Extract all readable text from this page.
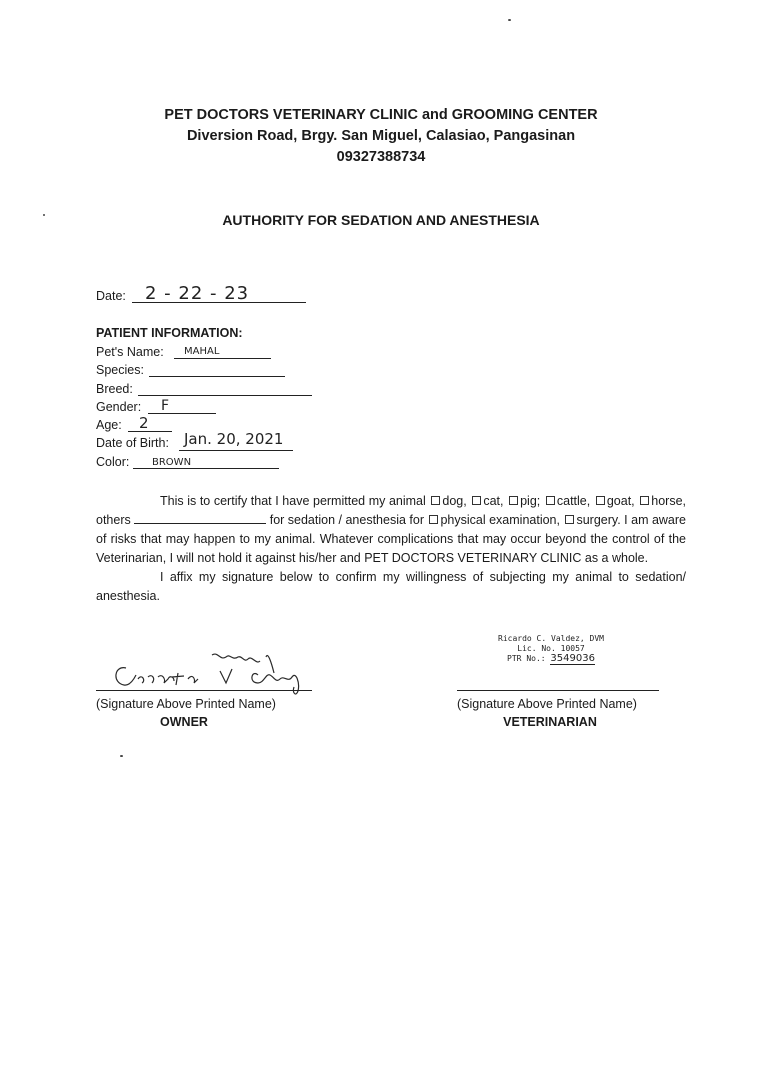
PET DOCTORS VETERINARY CLINIC and GROOMING CENTER
Diversion Road, Brgy. San Miguel, Calasiao, Pangasinan
09327388734
AUTHORITY FOR SEDATION AND ANESTHESIA
Date: 2 - 22 - 23
PATIENT INFORMATION:
Pet's Name: MAHAL
Species:
Breed:
Gender: F
Age: 2
Date of Birth: Jan. 20, 2021
Color: BROWN

This is to certify that I have permitted my animal dog, cat, pig; cattle, goat, horse, others	for sedation / anesthesia for physical examination, surgery. I am aware of risks that may happen to my animal. Whatever complications that may occur beyond the control of the Veterinarian, I will not hold it against his/her and PET DOCTORS VETERINARY CLINIC as a whole.

I affix my signature below to confirm my willingness of subjecting my animal to sedation/ anesthesia.

(Signature Above Printed Name)
OWNER
Ricardo C. Valdez, DVM
Lic. No. 10057
PTR No.: 3549036
(Signature Above Printed Name)
VETERINARIAN
